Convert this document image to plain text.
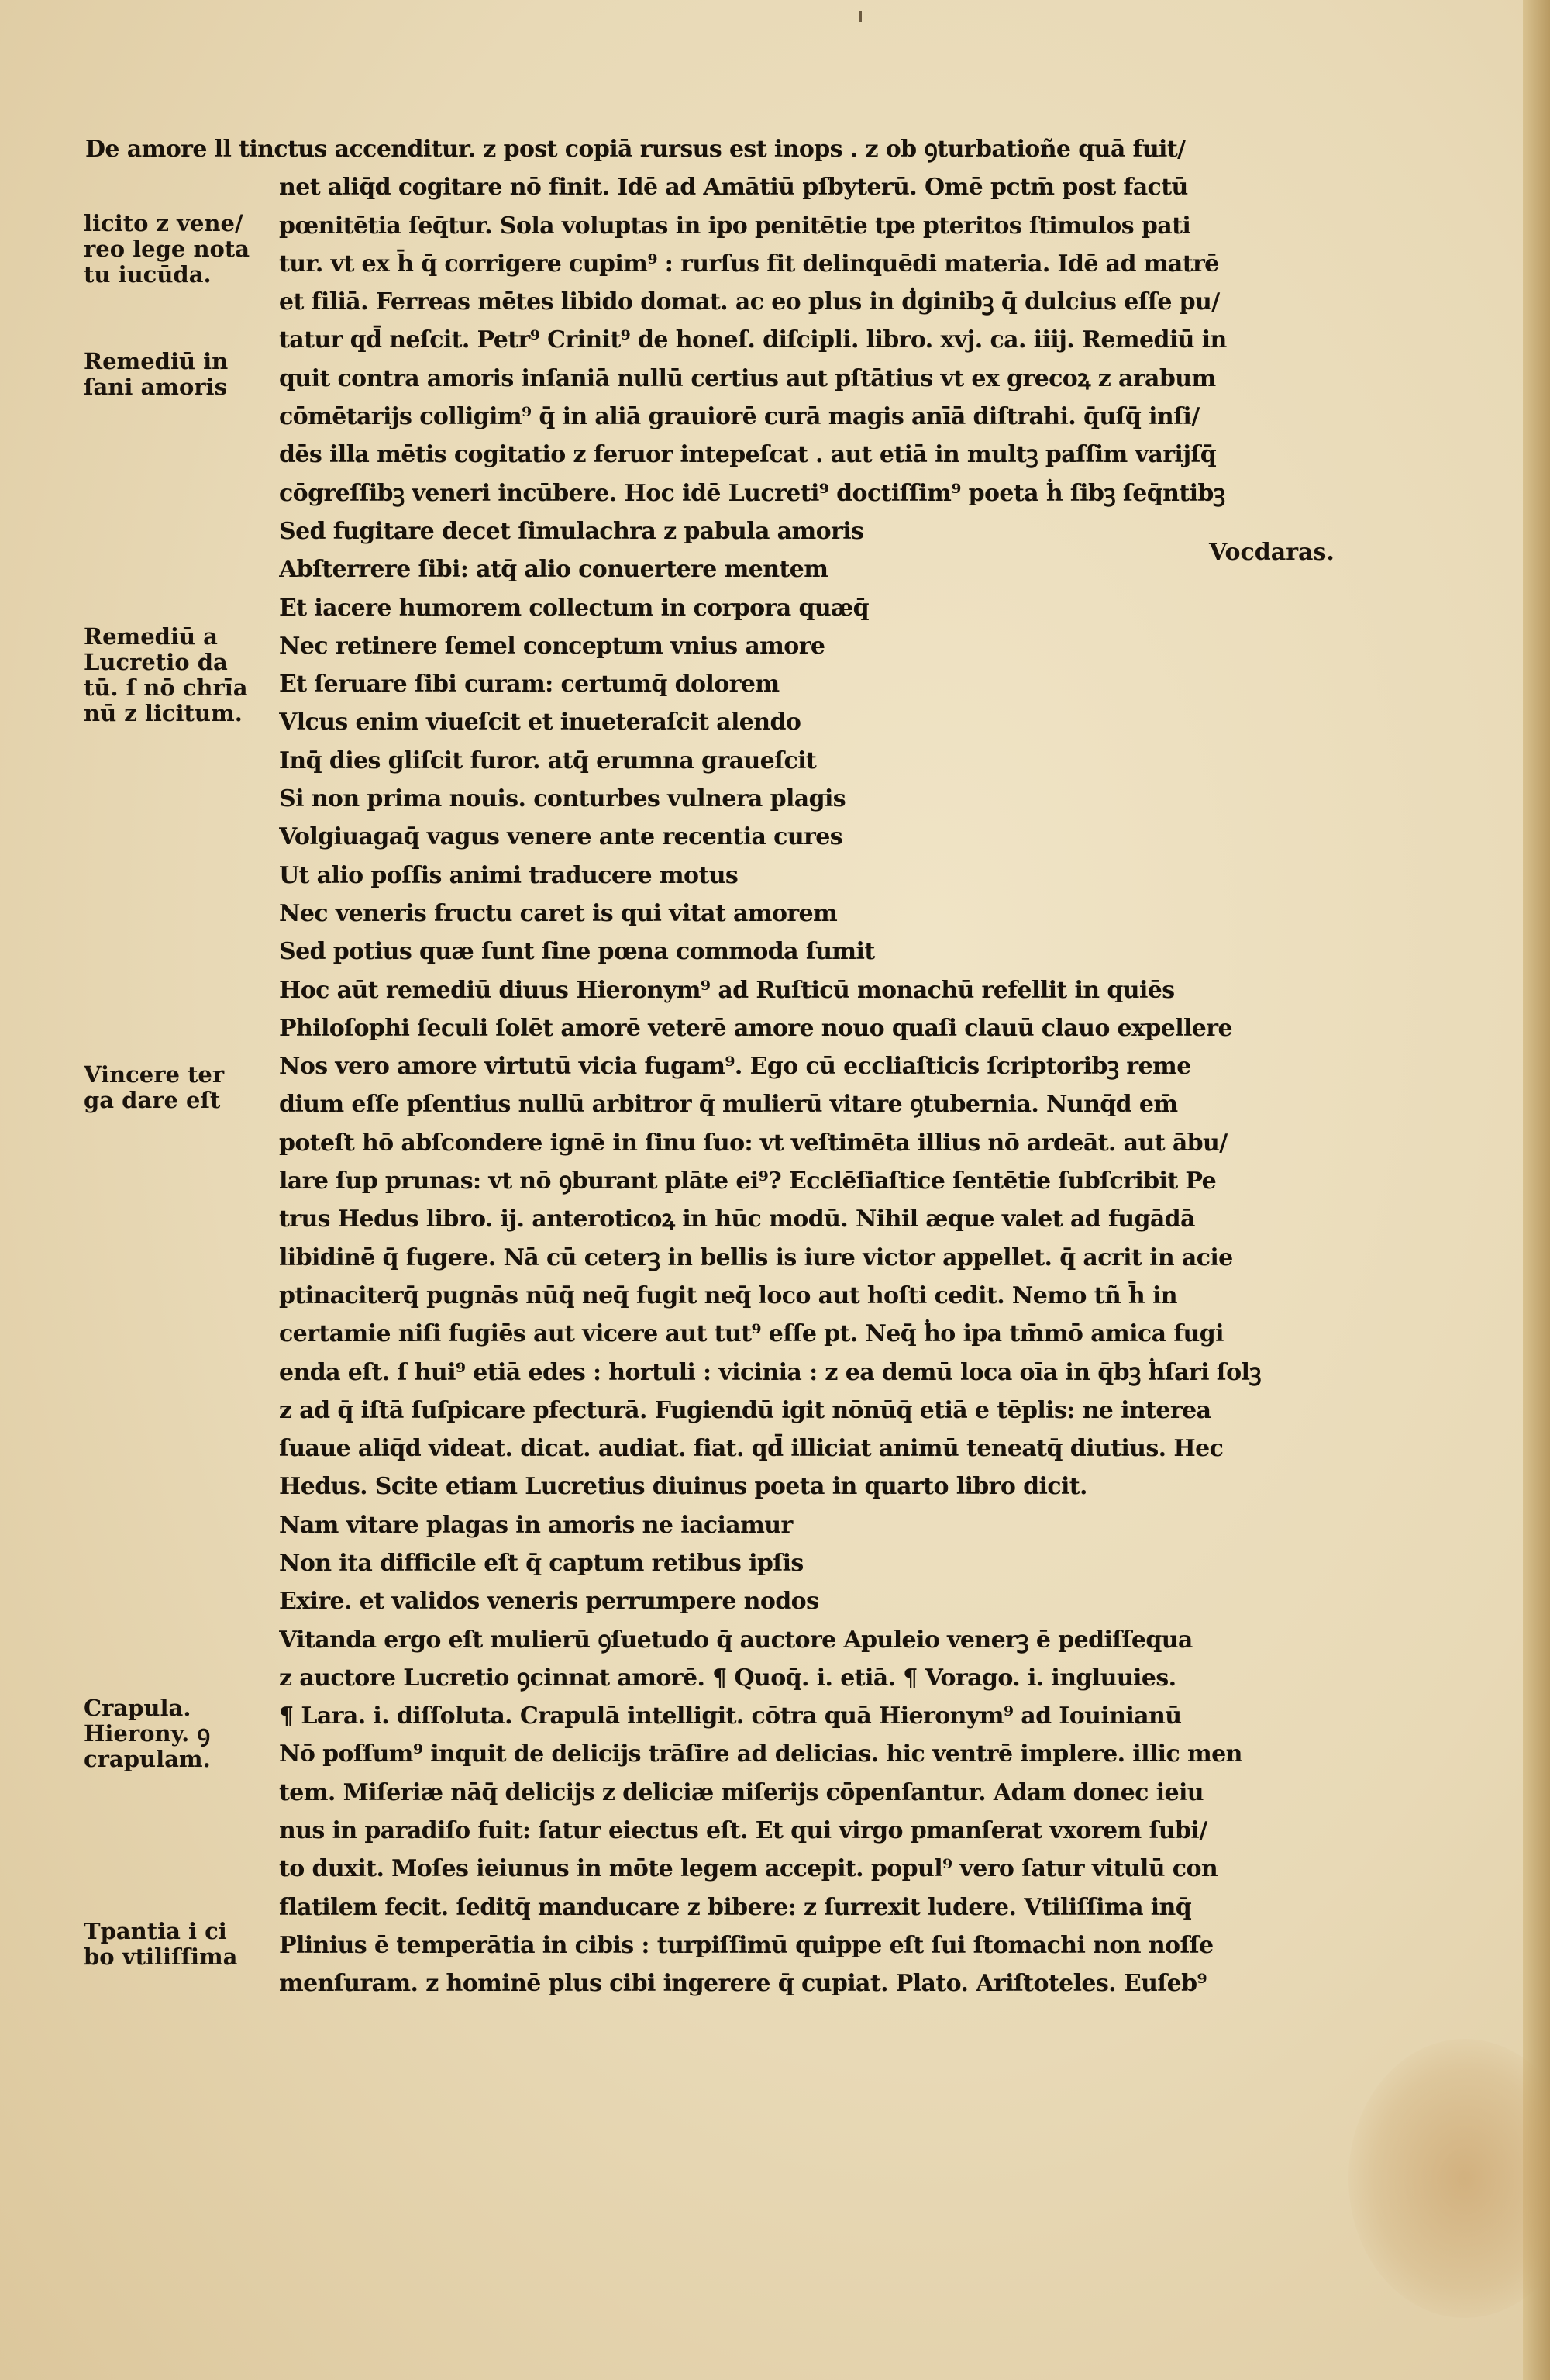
licito z vene/
reo lege nota
tu iucūda.
Remediū in
ſani amoris
Remediū a
Lucretio da
tū. ſ nō chrīa
nū z licitum.
Vincere ter
ga dare eſt
Crapula.
Hierony. ꝯ
crapulam.
Tpantia i ci
bo vtiliſſima
Vocdaras.
De amore ll tinctus accenditur. z post copiā rursus est inops . z ob ꝯturbatioñe quā fuit/
net aliq̄d cogitare nō finit. Idē ad Amātiū pſbyterū. Omē pctm̄ post factū
pœnitētia ſeq̄tur. Sola voluptas in ipo penitētie tpe pteritos ſtimulos pati
tur. vt ex h̄ q̄ corrigere cupim⁹ : rurſus fit delinquēdi materia. Idē ad matrē
et filiā. Ferreas mētes libido domat. ac eo plus in ḋginibꝫ q̄ dulcius eſſe pu/
tatur qd̄ neſcit. Petr⁹ Crinit⁹ de honeſ. diſcipli. libro. xvj. ca. iiij. Remediū in
quit contra amoris inſaniā nullū certius aut pſtātius vt ex grecoꝝ z arabum
cōmētarijs colligim⁹ q̄ in aliā grauiorē curā magis anīā diſtrahi. q̄uſq̄ inſi/
dēs illa mētis cogitatio z feruor intepeſcat . aut etiā in multꝫ paſſim varijſq̄
cōgreſſibꝫ veneri incūbere. Hoc idē Lucreti⁹ doctiſſim⁹ poeta ḣ ſibꝫ ſeq̄ntibꝫ
Sed fugitare decet ſimulachra z pabula amoris
Abſterrere ſibi: atq̄ alio conuertere mentem
Et iacere humorem collectum in corpora quæq̄
Nec retinere ſemel conceptum vnius amore
Et ſeruare ſibi curam: certumq̄ dolorem
Vlcus enim viueſcit et inueteraſcit alendo
Inq̄ dies gliſcit furor. atq̄ erumna graueſcit
Si non prima nouis. conturbes vulnera plagis
Volgiuagaq̄ vagus venere ante recentia cures
Ut alio poſſis animi traducere motus
Nec veneris fructu caret is qui vitat amorem
Sed potius quæ ſunt ſine pœna commoda ſumit
Hoc aūt remediū diuus Hieronym⁹ ad Ruſticū monachū refellit in quiēs
Philoſophi ſeculi ſolēt amorē veterē amore nouo quaſi clauū clauo expellere
Nos vero amore virtutū vicia fugam⁹. Ego cū eccliaſticis ſcriptoribꝫ reme
dium eſſe pſentius nullū arbitror q̄ mulierū vitare ꝯtubernia. Nunq̄d em̄
poteſt hō abſcondere ignē in ſinu ſuo: vt veſtimēta illius nō ardeāt. aut ābu/
lare ſup prunas: vt nō ꝯburant plāte ei⁹? Ecclēſiaſtice ſentētie ſubſcribit Pe
trus Hedus libro. ij. anteroticoꝝ in hūc modū. Nihil æque valet ad fugādā
libidinē q̄ fugere. Nā cū ceterꝫ in bellis is iure victor appellet. q̄ acrit in acie
ptinaciterq̄ pugnās nūq̄ neq̄ fugit neq̄ loco aut hoſti cedit. Nemo tñ h̄ in
certamie niſi fugiēs aut vicere aut tut⁹ eſſe pt. Neq̄ ḣo ipa tm̄mō amica fugi
enda eſt. ſ hui⁹ etiā edes : hortuli : vicinia : z ea demū loca oīa in q̄bꝫ ḣſari ſolꝫ
z ad q̄ iſtā ſuſpicare pfecturā. Fugiendū igit nōnūq̄ etiā e tēplis: ne interea
ſuaue aliq̄d videat. dicat. audiat. fiat. qd̄ illiciat animū teneatq̄ diutius. Hec
Hedus. Scite etiam Lucretius diuinus poeta in quarto libro dicit.
Nam vitare plagas in amoris ne iaciamur
Non ita difficile eſt q̄ captum retibus ipſis
Exire. et validos veneris perrumpere nodos
Vitanda ergo eſt mulierū ꝯſuetudo q̄ auctore Apuleio venerꝫ ē pediſſequa
z auctore Lucretio ꝯcinnat amorē. ¶ Quoq̄. i. etiā. ¶ Vorago. i. ingluuies.
¶ Lara. i. diſſoluta. Crapulā intelligit. cōtra quā Hieronym⁹ ad Iouinianū
Nō poſſum⁹ inquit de delicijs trāſire ad delicias. hic ventrē implere. illic men
tem. Miſeriæ nāq̄ delicijs z deliciæ miſerijs cōpenſantur. Adam donec ieiu
nus in paradiſo fuit: ſatur eiectus eſt. Et qui virgo pmanſerat vxorem ſubi/
to duxit. Moſes ieiunus in mōte legem accepit. popul⁹ vero ſatur vitulū con
flatilem fecit. ſeditq̄ manducare z bibere: z ſurrexit ludere. Vtiliſſima inq̄
Plinius ē temperātia in cibis : turpiſſimū quippe eſt ſui ſtomachi non noſſe
menſuram. z hominē plus cibi ingerere q̄ cupiat. Plato. Ariſtoteles. Euſeb⁹
